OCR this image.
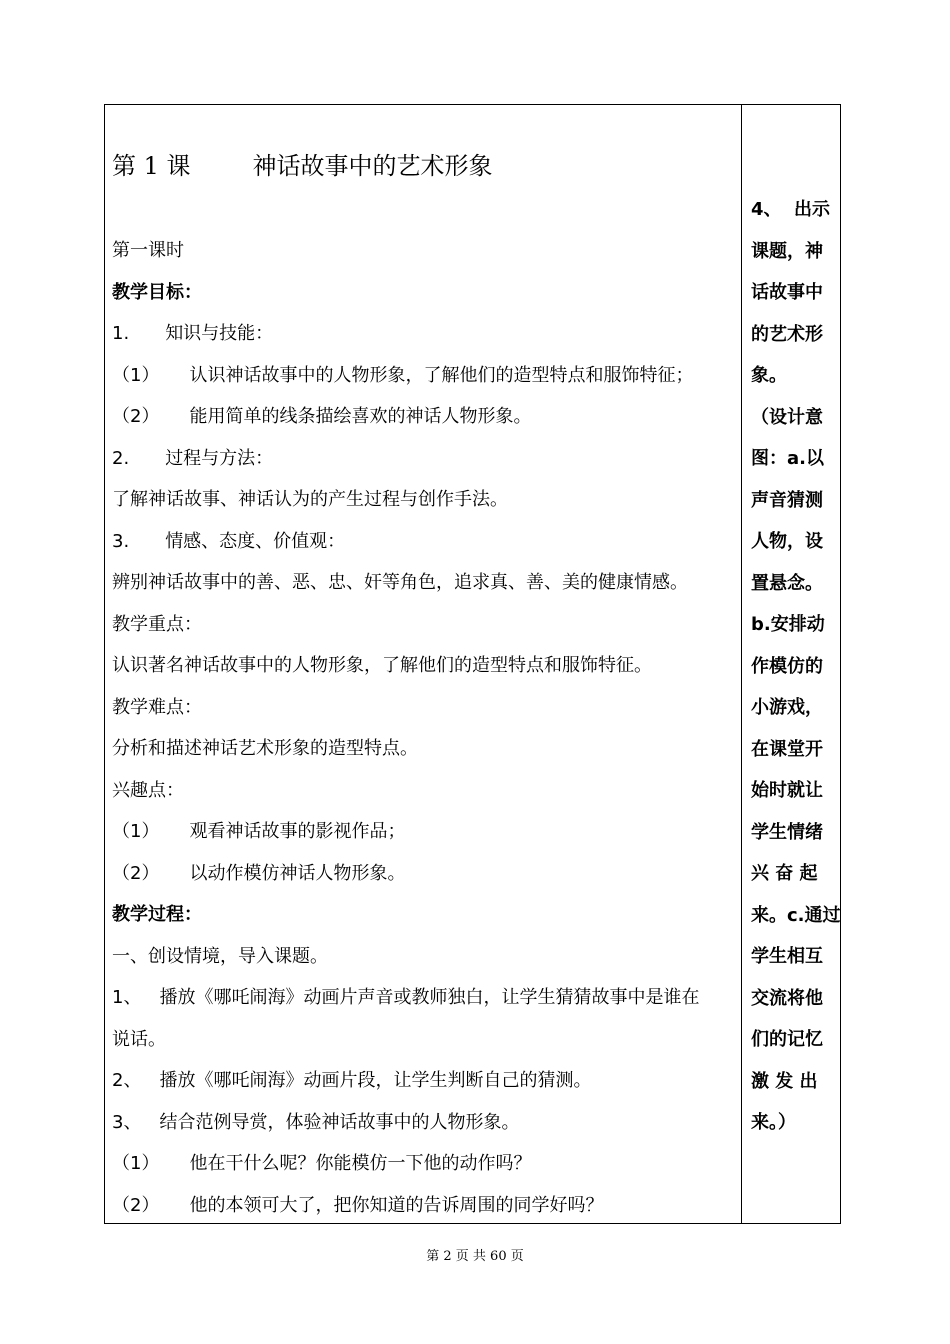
第 1 课	神话故事中的艺术形象
第一课时
教学目标：
1. 知识与技能：
（1） 认识神话故事中的人物形象，了解他们的造型特点和服饰特征；
（2） 能用简单的线条描绘喜欢的神话人物形象。
2. 过程与方法：
了解神话故事、神话认为的产生过程与创作手法。
3. 情感、态度、价值观：
辨别神话故事中的善、恶、忠、奸等角色，追求真、善、美的健康情感。
教学重点：
认识著名神话故事中的人物形象，了解他们的造型特点和服饰特征。
教学难点：
分析和描述神话艺术形象的造型特点。
兴趣点：
（1） 观看神话故事的影视作品；
（2） 以动作模仿神话人物形象。
教学过程：
一、创设情境，导入课题。
1、 播放《哪吒闹海》动画片声音或教师独白，让学生猜猜故事中是谁在
说话。
2、 播放《哪吒闹海》动画片段，让学生判断自己的猜测。
3、 结合范例导赏，体验神话故事中的人物形象。
（1） 他在干什么呢？你能模仿一下他的动作吗？
（2） 他的本领可大了，把你知道的告诉周围的同学好吗？
4、  出示
课题，神
话故事中
的艺术形
象。
（设计意
图：a.以
声音猜测
人物，设
置悬念。
b.安排动
作模仿的
小游戏，
在课堂开
始时就让
学生情绪
兴 奋 起
来。c.通过
学生相互
交流将他
们的记忆
激 发 出
来。）
第 2 页 共 60 页
